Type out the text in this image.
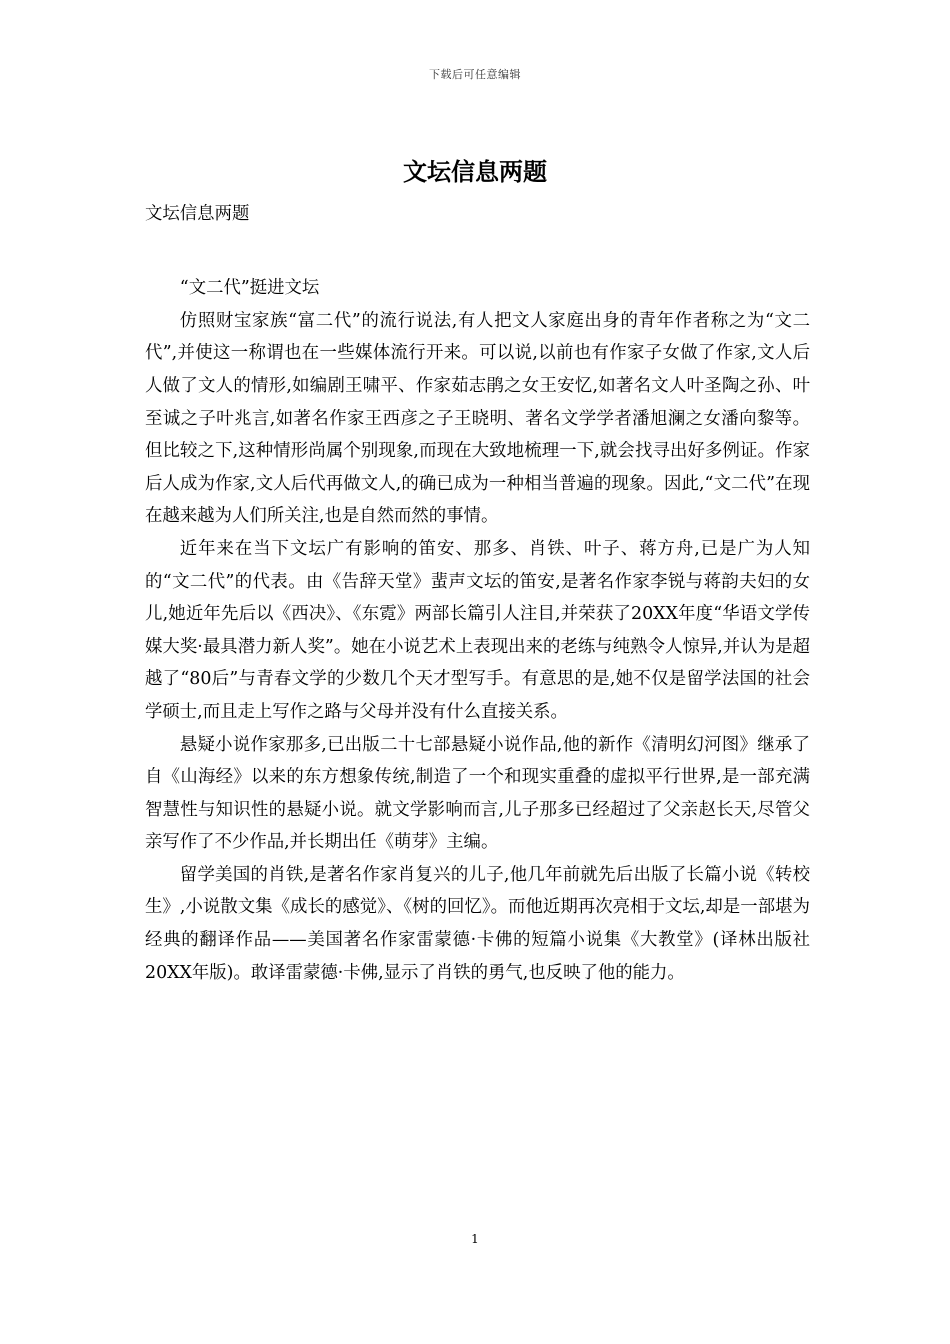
下载后可任意编辑
文坛信息两题

文坛信息两题

“文二代”挺进文坛

仿照财宝家族“富二代”的流行说法,有人把文人家庭出身的青年作者称之为“文二代”,并使这一称谓也在一些媒体流行开来。可以说,以前也有作家子女做了作家,文人后人做了文人的情形,如编剧王啸平、作家茹志鹃之女王安忆,如著名文人叶圣陶之孙、叶至诚之子叶兆言,如著名作家王西彦之子王晓明、著名文学学者潘旭澜之女潘向黎等。但比较之下,这种情形尚属个别现象,而现在大致地梳理一下,就会找寻出好多例证。作家后人成为作家,文人后代再做文人,的确已成为一种相当普遍的现象。因此,“文二代”在现在越来越为人们所关注,也是自然而然的事情。

近年来在当下文坛广有影响的笛安、那多、肖铁、叶子、蒋方舟,已是广为人知的“文二代”的代表。由《告辞天堂》蜚声文坛的笛安,是著名作家李锐与蒋韵夫妇的女儿,她近年先后以《西决》、《东霓》两部长篇引人注目,并荣获了20XX年度“华语文学传媒大奖·最具潜力新人奖”。她在小说艺术上表现出来的老练与纯熟令人惊异,并认为是超越了“80后”与青春文学的少数几个天才型写手。有意思的是,她不仅是留学法国的社会学硕士,而且走上写作之路与父母并没有什么直接关系。

悬疑小说作家那多,已出版二十七部悬疑小说作品,他的新作《清明幻河图》继承了自《山海经》以来的东方想象传统,制造了一个和现实重叠的虚拟平行世界,是一部充满智慧性与知识性的悬疑小说。就文学影响而言,儿子那多已经超过了父亲赵长天,尽管父亲写作了不少作品,并长期出任《萌芽》主编。

留学美国的肖铁,是著名作家肖复兴的儿子,他几年前就先后出版了长篇小说《转校生》,小说散文集《成长的感觉》、《树的回忆》。而他近期再次亮相于文坛,却是一部堪为经典的翻译作品——美国著名作家雷蒙德·卡佛的短篇小说集《大教堂》(译林出版社20XX年版)。敢译雷蒙德·卡佛,显示了肖铁的勇气,也反映了他的能力。

1
